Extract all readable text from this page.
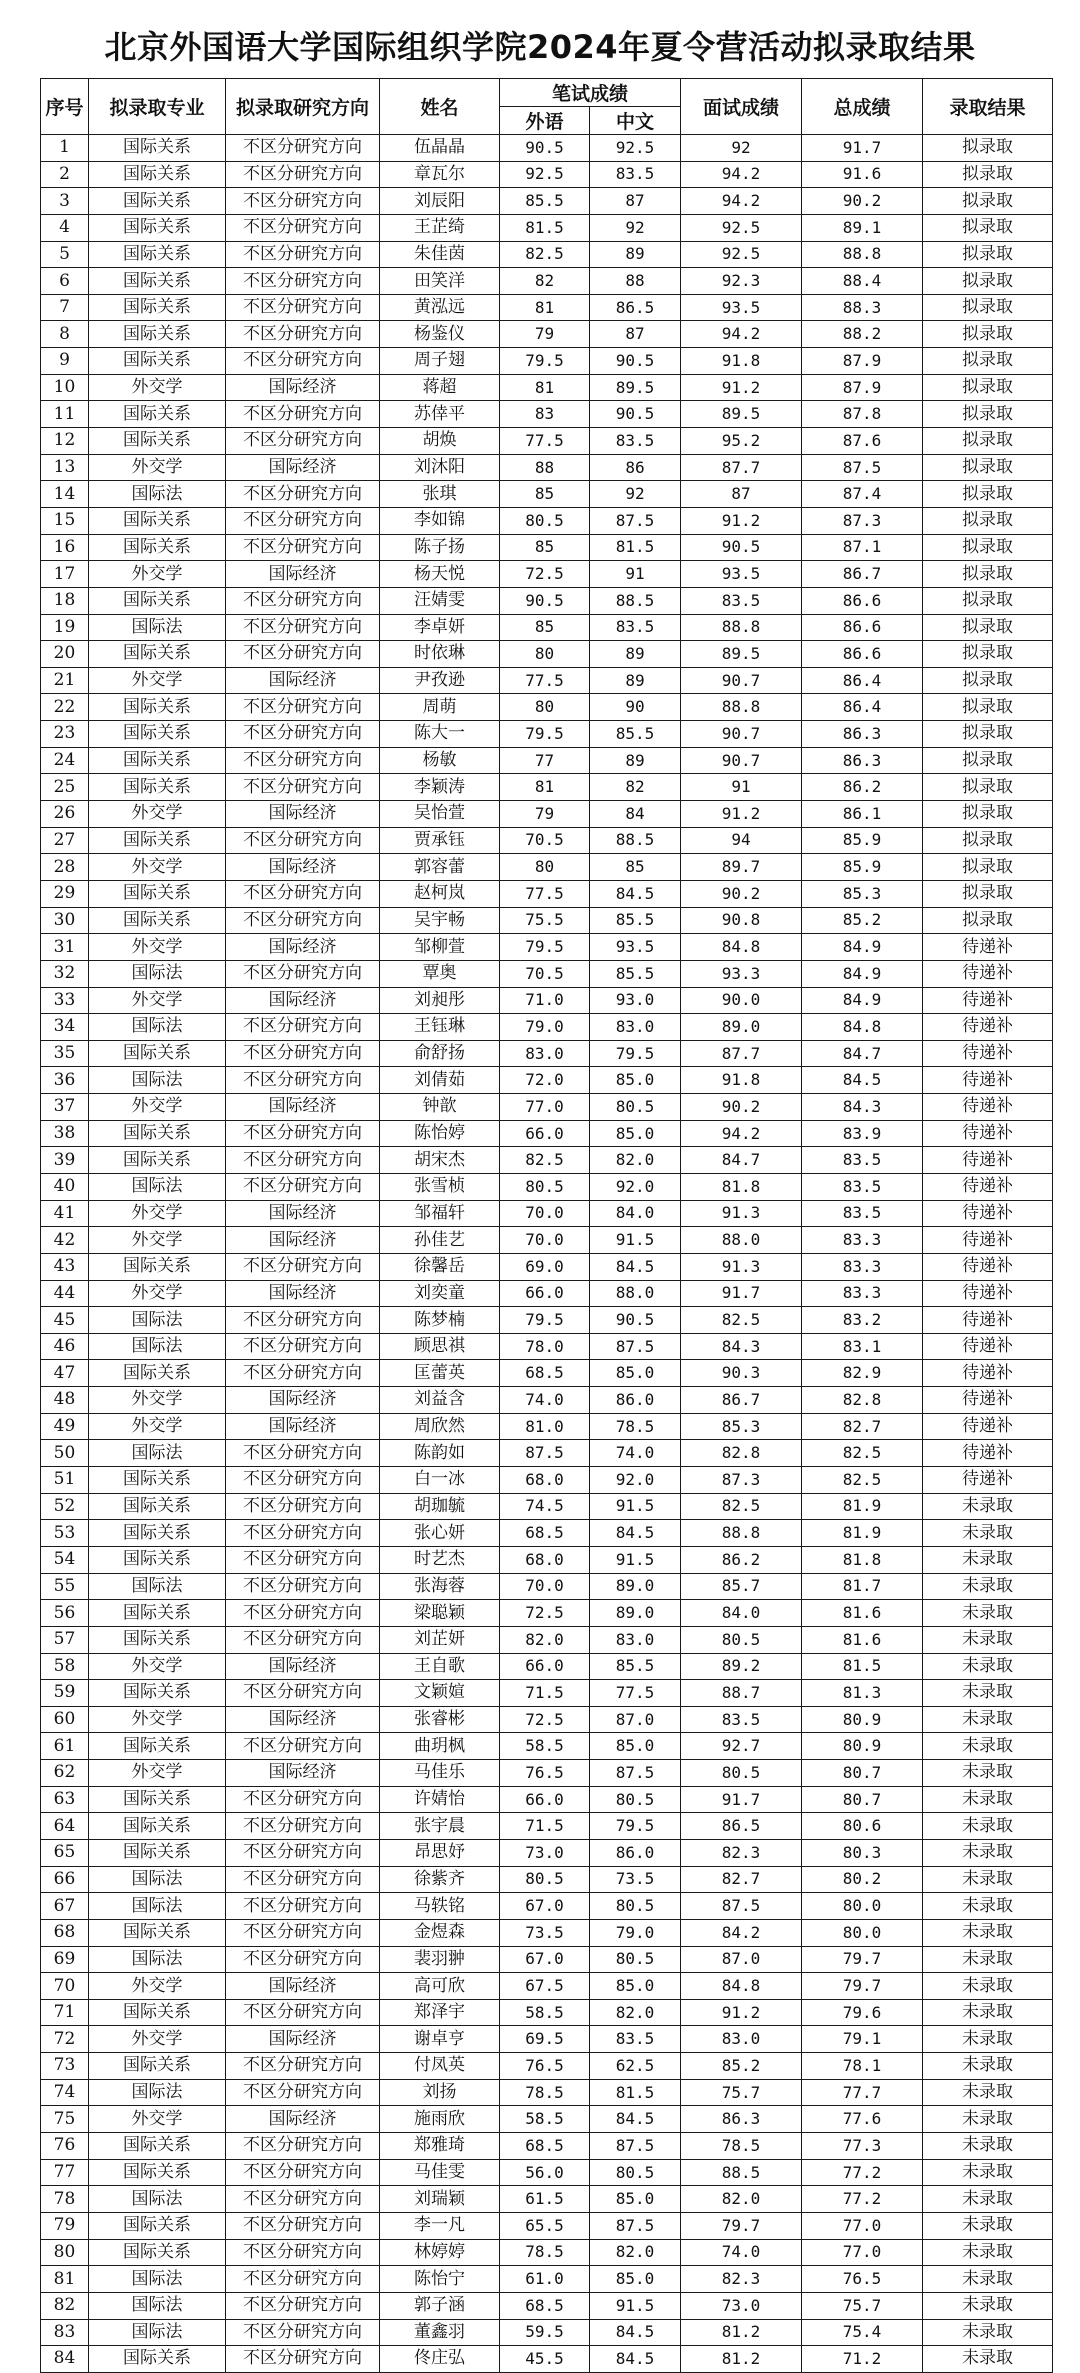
北京外国语大学国际组织学院2024年夏令营活动拟录取结果
序号	拟录取专业	拟录取研究方向	姓名	笔试成绩		面试成绩	总成绩	录取结果
				外语	中文			
1	国际关系	不区分研究方向	伍晶晶	90.5	92.5	92	91.7	拟录取
2	国际关系	不区分研究方向	章瓦尔	92.5	83.5	94.2	91.6	拟录取
3	国际关系	不区分研究方向	刘辰阳	85.5	87	94.2	90.2	拟录取
4	国际关系	不区分研究方向	王芷绮	81.5	92	92.5	89.1	拟录取
5	国际关系	不区分研究方向	朱佳茵	82.5	89	92.5	88.8	拟录取
6	国际关系	不区分研究方向	田笑洋	82	88	92.3	88.4	拟录取
7	国际关系	不区分研究方向	黄泓远	81	86.5	93.5	88.3	拟录取
8	国际关系	不区分研究方向	杨鉴仪	79	87	94.2	88.2	拟录取
9	国际关系	不区分研究方向	周子翅	79.5	90.5	91.8	87.9	拟录取
10	外交学	国际经济	蒋超	81	89.5	91.2	87.9	拟录取
11	国际关系	不区分研究方向	苏倖平	83	90.5	89.5	87.8	拟录取
12	国际关系	不区分研究方向	胡焕	77.5	83.5	95.2	87.6	拟录取
13	外交学	国际经济	刘沐阳	88	86	87.7	87.5	拟录取
14	国际法	不区分研究方向	张琪	85	92	87	87.4	拟录取
15	国际关系	不区分研究方向	李如锦	80.5	87.5	91.2	87.3	拟录取
16	国际关系	不区分研究方向	陈子扬	85	81.5	90.5	87.1	拟录取
17	外交学	国际经济	杨天悦	72.5	91	93.5	86.7	拟录取
18	国际关系	不区分研究方向	汪婧雯	90.5	88.5	83.5	86.6	拟录取
19	国际法	不区分研究方向	李卓妍	85	83.5	88.8	86.6	拟录取
20	国际关系	不区分研究方向	时依琳	80	89	89.5	86.6	拟录取
21	外交学	国际经济	尹孜逊	77.5	89	90.7	86.4	拟录取
22	国际关系	不区分研究方向	周萌	80	90	88.8	86.4	拟录取
23	国际关系	不区分研究方向	陈大一	79.5	85.5	90.7	86.3	拟录取
24	国际关系	不区分研究方向	杨敏	77	89	90.7	86.3	拟录取
25	国际关系	不区分研究方向	李颖涛	81	82	91	86.2	拟录取
26	外交学	国际经济	吴怡萱	79	84	91.2	86.1	拟录取
27	国际关系	不区分研究方向	贾承钰	70.5	88.5	94	85.9	拟录取
28	外交学	国际经济	郭容蕾	80	85	89.7	85.9	拟录取
29	国际关系	不区分研究方向	赵柯岚	77.5	84.5	90.2	85.3	拟录取
30	国际关系	不区分研究方向	吴宇畅	75.5	85.5	90.8	85.2	拟录取
31	外交学	国际经济	邹柳萱	79.5	93.5	84.8	84.9	待递补
32	国际法	不区分研究方向	覃奥	70.5	85.5	93.3	84.9	待递补
33	外交学	国际经济	刘昶彤	71.0	93.0	90.0	84.9	待递补
34	国际法	不区分研究方向	王钰琳	79.0	83.0	89.0	84.8	待递补
35	国际关系	不区分研究方向	俞舒扬	83.0	79.5	87.7	84.7	待递补
36	国际法	不区分研究方向	刘倩茹	72.0	85.0	91.8	84.5	待递补
37	外交学	国际经济	钟歆	77.0	80.5	90.2	84.3	待递补
38	国际关系	不区分研究方向	陈怡婷	66.0	85.0	94.2	83.9	待递补
39	国际关系	不区分研究方向	胡宋杰	82.5	82.0	84.7	83.5	待递补
40	国际法	不区分研究方向	张雪桢	80.5	92.0	81.8	83.5	待递补
41	外交学	国际经济	邹福轩	70.0	84.0	91.3	83.5	待递补
42	外交学	国际经济	孙佳艺	70.0	91.5	88.0	83.3	待递补
43	国际关系	不区分研究方向	徐馨岳	69.0	84.5	91.3	83.3	待递补
44	外交学	国际经济	刘奕童	66.0	88.0	91.7	83.3	待递补
45	国际法	不区分研究方向	陈梦楠	79.5	90.5	82.5	83.2	待递补
46	国际法	不区分研究方向	顾思祺	78.0	87.5	84.3	83.1	待递补
47	国际关系	不区分研究方向	匡蕾英	68.5	85.0	90.3	82.9	待递补
48	外交学	国际经济	刘益含	74.0	86.0	86.7	82.8	待递补
49	外交学	国际经济	周欣然	81.0	78.5	85.3	82.7	待递补
50	国际法	不区分研究方向	陈韵如	87.5	74.0	82.8	82.5	待递补
51	国际关系	不区分研究方向	白一冰	68.0	92.0	87.3	82.5	待递补
52	国际关系	不区分研究方向	胡珈毓	74.5	91.5	82.5	81.9	未录取
53	国际关系	不区分研究方向	张心妍	68.5	84.5	88.8	81.9	未录取
54	国际关系	不区分研究方向	时艺杰	68.0	91.5	86.2	81.8	未录取
55	国际法	不区分研究方向	张海蓉	70.0	89.0	85.7	81.7	未录取
56	国际关系	不区分研究方向	梁聪颖	72.5	89.0	84.0	81.6	未录取
57	国际关系	不区分研究方向	刘芷妍	82.0	83.0	80.5	81.6	未录取
58	外交学	国际经济	王自歌	66.0	85.5	89.2	81.5	未录取
59	国际关系	不区分研究方向	文颖媗	71.5	77.5	88.7	81.3	未录取
60	外交学	国际经济	张睿彬	72.5	87.0	83.5	80.9	未录取
61	国际关系	不区分研究方向	曲玥枫	58.5	85.0	92.7	80.9	未录取
62	外交学	国际经济	马佳乐	76.5	87.5	80.5	80.7	未录取
63	国际关系	不区分研究方向	许婧怡	66.0	80.5	91.7	80.7	未录取
64	国际关系	不区分研究方向	张宇晨	71.5	79.5	86.5	80.6	未录取
65	国际关系	不区分研究方向	昂思妤	73.0	86.0	82.3	80.3	未录取
66	国际法	不区分研究方向	徐紫齐	80.5	73.5	82.7	80.2	未录取
67	国际法	不区分研究方向	马轶铭	67.0	80.5	87.5	80.0	未录取
68	国际关系	不区分研究方向	金煜森	73.5	79.0	84.2	80.0	未录取
69	国际法	不区分研究方向	裴羽翀	67.0	80.5	87.0	79.7	未录取
70	外交学	国际经济	高可欣	67.5	85.0	84.8	79.7	未录取
71	国际关系	不区分研究方向	郑泽宇	58.5	82.0	91.2	79.6	未录取
72	外交学	国际经济	谢卓亨	69.5	83.5	83.0	79.1	未录取
73	国际关系	不区分研究方向	付凤英	76.5	62.5	85.2	78.1	未录取
74	国际法	不区分研究方向	刘扬	78.5	81.5	75.7	77.7	未录取
75	外交学	国际经济	施雨欣	58.5	84.5	86.3	77.6	未录取
76	国际关系	不区分研究方向	郑雅琦	68.5	87.5	78.5	77.3	未录取
77	国际关系	不区分研究方向	马佳雯	56.0	80.5	88.5	77.2	未录取
78	国际法	不区分研究方向	刘瑞颖	61.5	85.0	82.0	77.2	未录取
79	国际关系	不区分研究方向	李一凡	65.5	87.5	79.7	77.0	未录取
80	国际关系	不区分研究方向	林婷婷	78.5	82.0	74.0	77.0	未录取
81	国际法	不区分研究方向	陈怡宁	61.0	85.0	82.3	76.5	未录取
82	国际法	不区分研究方向	郭子涵	68.5	91.5	73.0	75.7	未录取
83	国际法	不区分研究方向	董鑫羽	59.5	84.5	81.2	75.4	未录取
84	国际关系	不区分研究方向	佟庄弘	45.5	84.5	81.2	71.2	未录取
